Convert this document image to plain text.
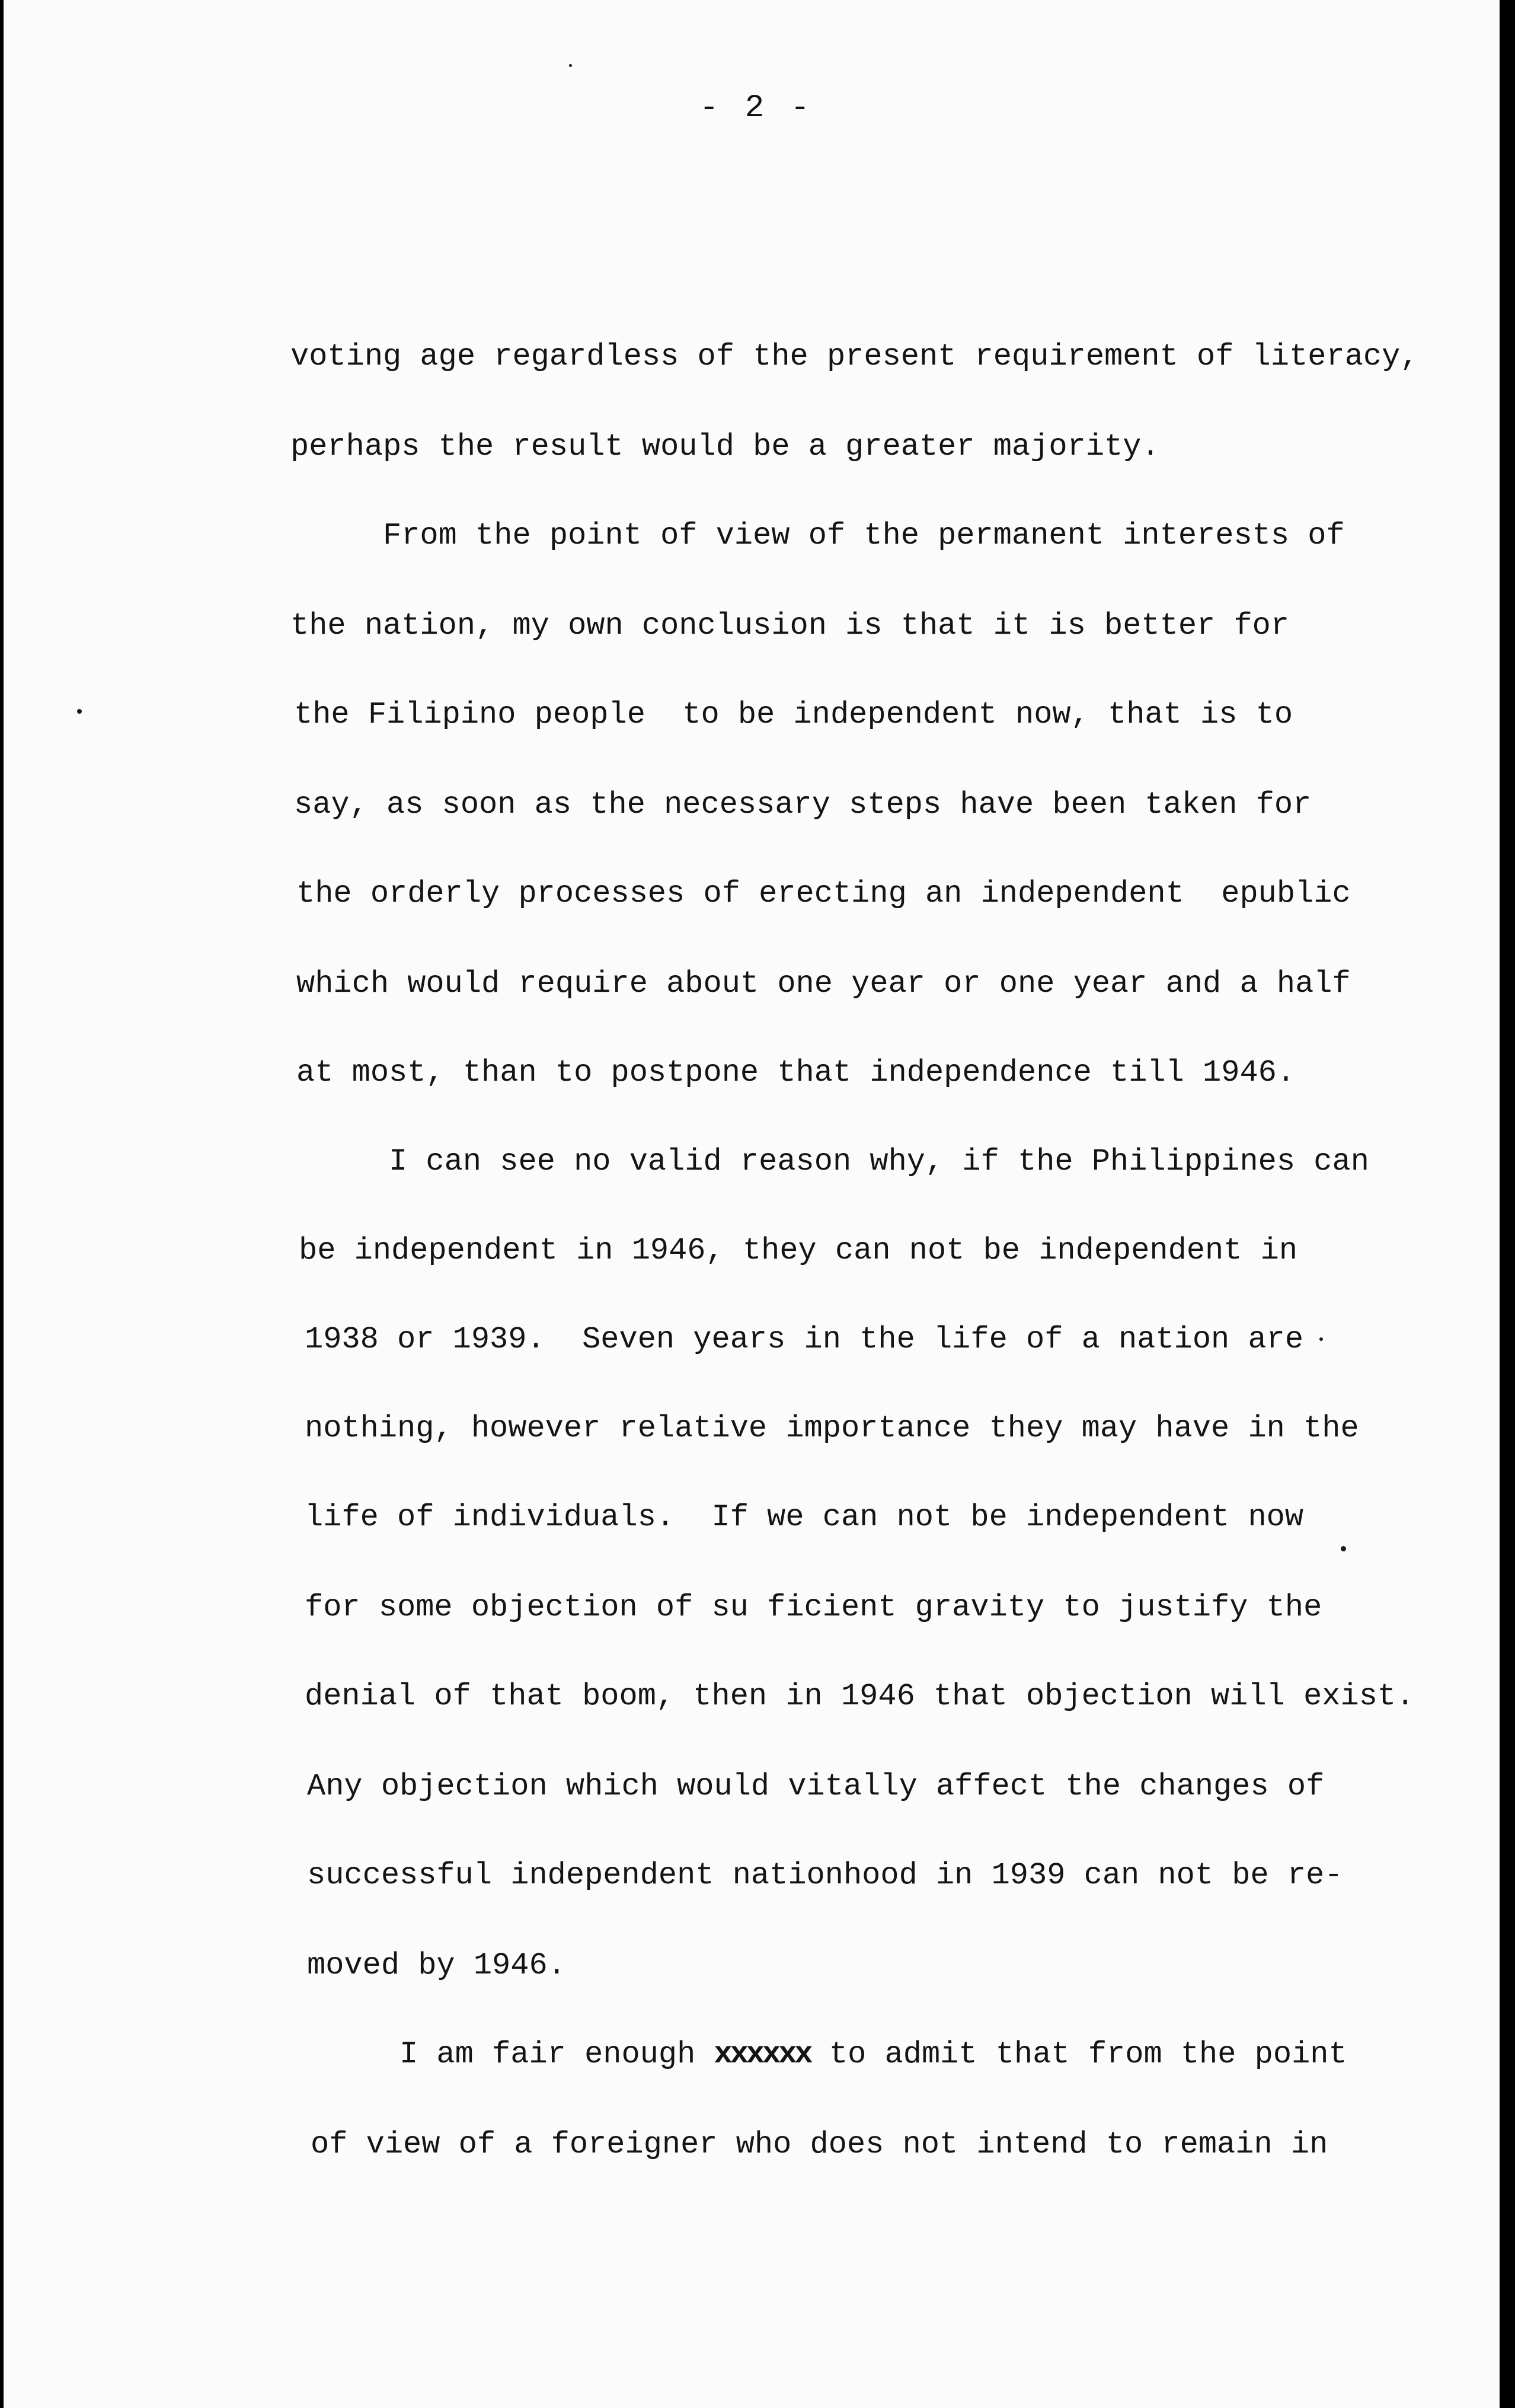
- 2 -

voting age regardless of the present requirement of literacy,

perhaps the result would be a greater majority.

From the point of view of the permanent interests of

the nation, my own conclusion is that it is better for

the Filipino people  to be independent now, that is to

say, as soon as the necessary steps have been taken for

the orderly processes of erecting an independent  epublic

which would require about one year or one year and a half

at most, than to postpone that independence till 1946.

I can see no valid reason why, if the Philippines can

be independent in 1946, they can not be independent in

1938 or 1939.  Seven years in the life of a nation are

nothing, however relative importance they may have in the

life of individuals.  If we can not be independent now

for some objection of su ficient gravity to justify the

denial of that boom, then in 1946 that objection will exist.

Any objection which would vitally affect the changes of

successful independent nationhood in 1939 can not be re-

moved by 1946.

I am fair enough xxxxxx to admit that from the point

of view of a foreigner who does not intend to remain in
